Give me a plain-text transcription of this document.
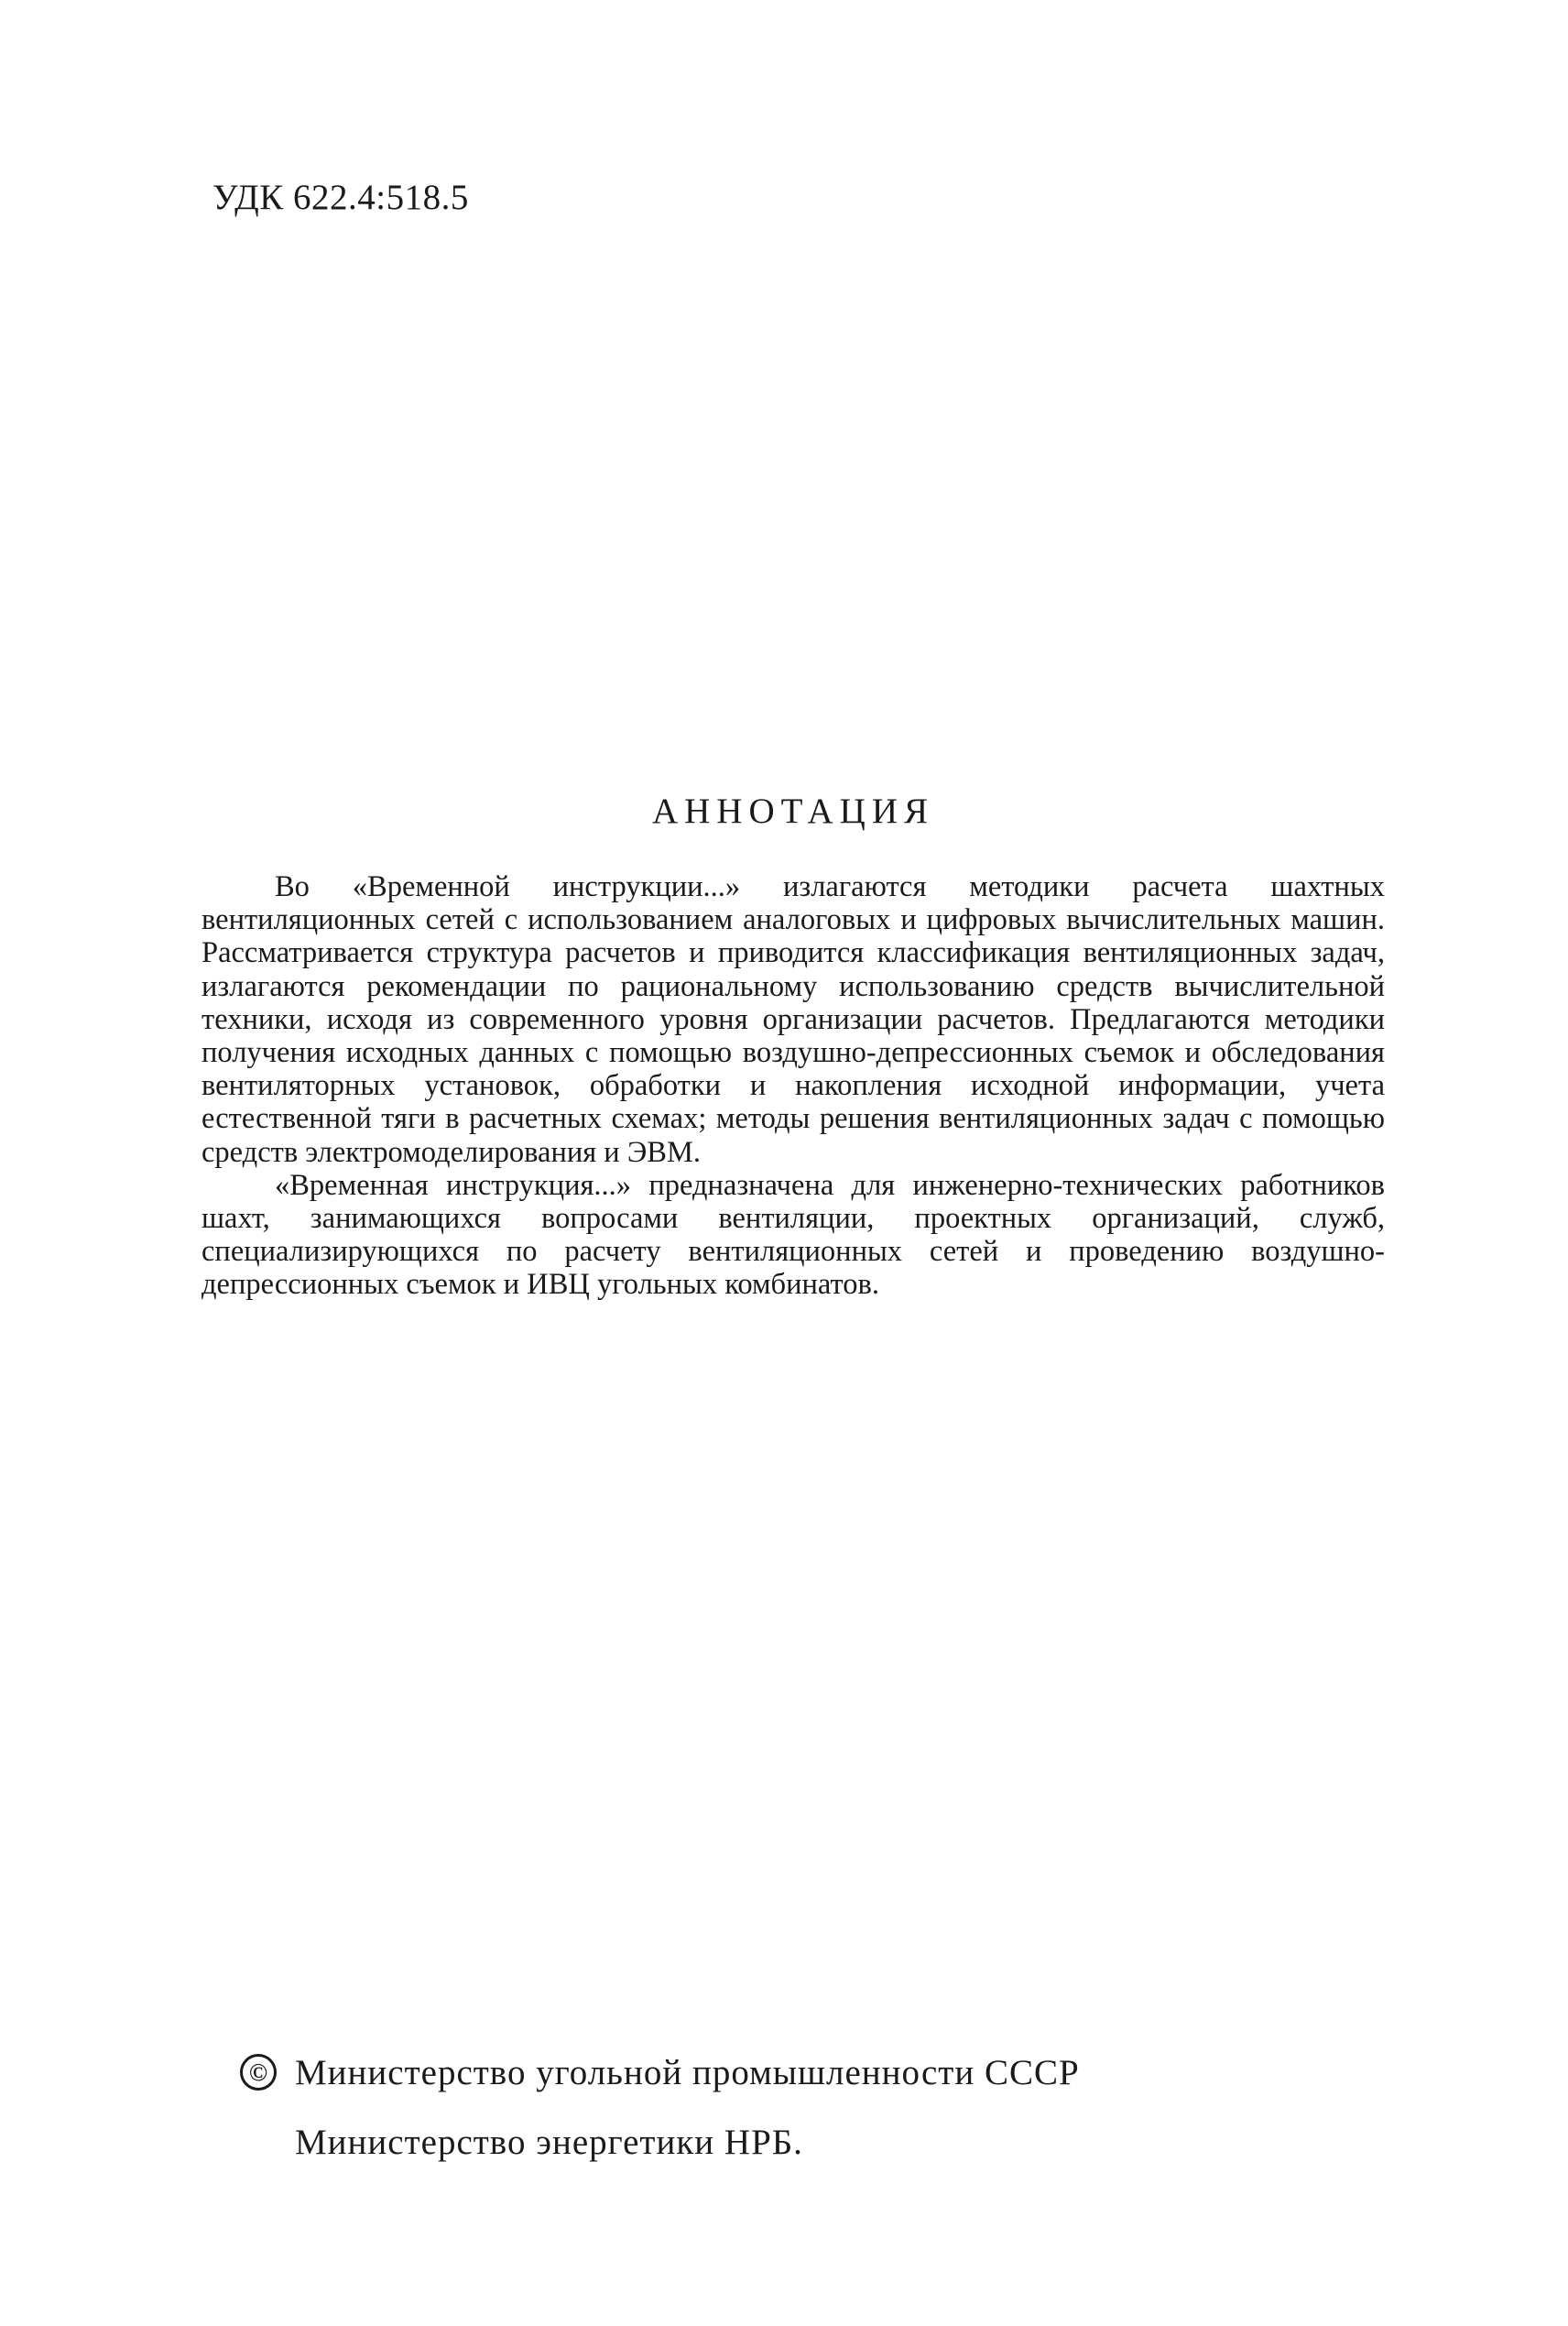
УДК 622.4:518.5
АННОТАЦИЯ

Во «Временной инструкции...» излагаются методики расчета шахтных вентиляционных сетей с использованием аналоговых и цифровых вычислительных машин. Рассматривается структура расчетов и приводится классификация вентиляционных задач, излагаются рекомендации по рациональному использованию средств вычислительной техники, исходя из современного уровня организации расчетов. Предлагаются методики получения исходных данных с помощью воздушно-депрессионных съемок и обследования вентиляторных установок, обработки и накопления исходной информации, учета естественной тяги в расчетных схемах; методы решения вентиляционных задач с помощью средств электромоделирования и ЭВМ.

«Временная инструкция...» предназначена для инженерно-технических работников шахт, занимающихся вопросами вентиляции, проектных организаций, служб, специализирующихся по расчету вентиляционных сетей и проведению воздушно-депрессионных съемок и ИВЦ угольных комбинатов.

© Министерство угольной промышленности СССР
Министерство энергетики НРБ.
